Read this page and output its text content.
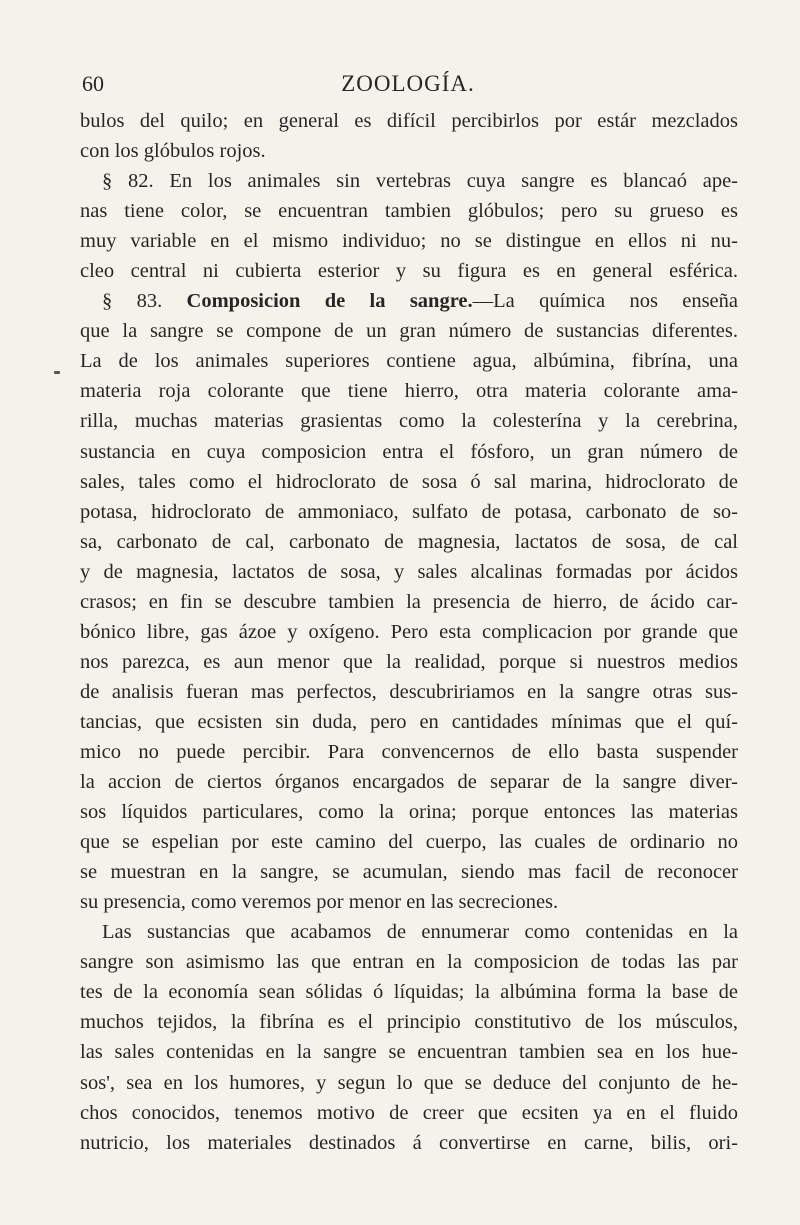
60	ZOOLOGÍA.
bulos del quilo; en general es difícil percibirlos por estár mezclados
con los glóbulos rojos.
§ 82. En los animales sin vertebras cuya sangre es blancaó ape-
nas tiene color, se encuentran tambien glóbulos; pero su grueso es
muy variable en el mismo individuo; no se distingue en ellos ni nu-
cleo central ni cubierta esterior y su figura es en general esférica.
§ 83. Composicion de la sangre.—La química nos enseña
que la sangre se compone de un gran número de sustancias diferentes.
La de los animales superiores contiene agua, albúmina, fibrína, una
materia roja colorante que tiene hierro, otra materia colorante ama-
rilla, muchas materias grasientas como la colesterína y la cerebrina,
sustancia en cuya composicion entra el fósforo, un gran número de
sales, tales como el hidroclorato de sosa ó sal marina, hidroclorato de
potasa, hidroclorato de ammoniaco, sulfato de potasa, carbonato de so-
sa, carbonato de cal, carbonato de magnesia, lactatos de sosa, de cal
y de magnesia, lactatos de sosa, y sales alcalinas formadas por ácidos
crasos; en fin se descubre tambien la presencia de hierro, de ácido car-
bónico libre, gas ázoe y oxígeno. Pero esta complicacion por grande que
nos parezca, es aun menor que la realidad, porque si nuestros medios
de analisis fueran mas perfectos, descubririamos en la sangre otras sus-
tancias, que ecsisten sin duda, pero en cantidades mínimas que el quí-
mico no puede percibir. Para convencernos de ello basta suspender
la accion de ciertos órganos encargados de separar de la sangre diver-
sos líquidos particulares, como la orina; porque entonces las materias
que se espelian por este camino del cuerpo, las cuales de ordinario no
se muestran en la sangre, se acumulan, siendo mas facil de reconocer
su presencia, como veremos por menor en las secreciones.
Las sustancias que acabamos de ennumerar como contenidas en la
sangre son asimismo las que entran en la composicion de todas las par
tes de la economía sean sólidas ó líquidas; la albúmina forma la base de
muchos tejidos, la fibrína es el principio constitutivo de los músculos,
las sales contenidas en la sangre se encuentran tambien sea en los hue-
sos', sea en los humores, y segun lo que se deduce del conjunto de he-
chos conocidos, tenemos motivo de creer que ecsiten ya en el fluido
nutricio, los materiales destinados á convertirse en carne, bilis, ori-
